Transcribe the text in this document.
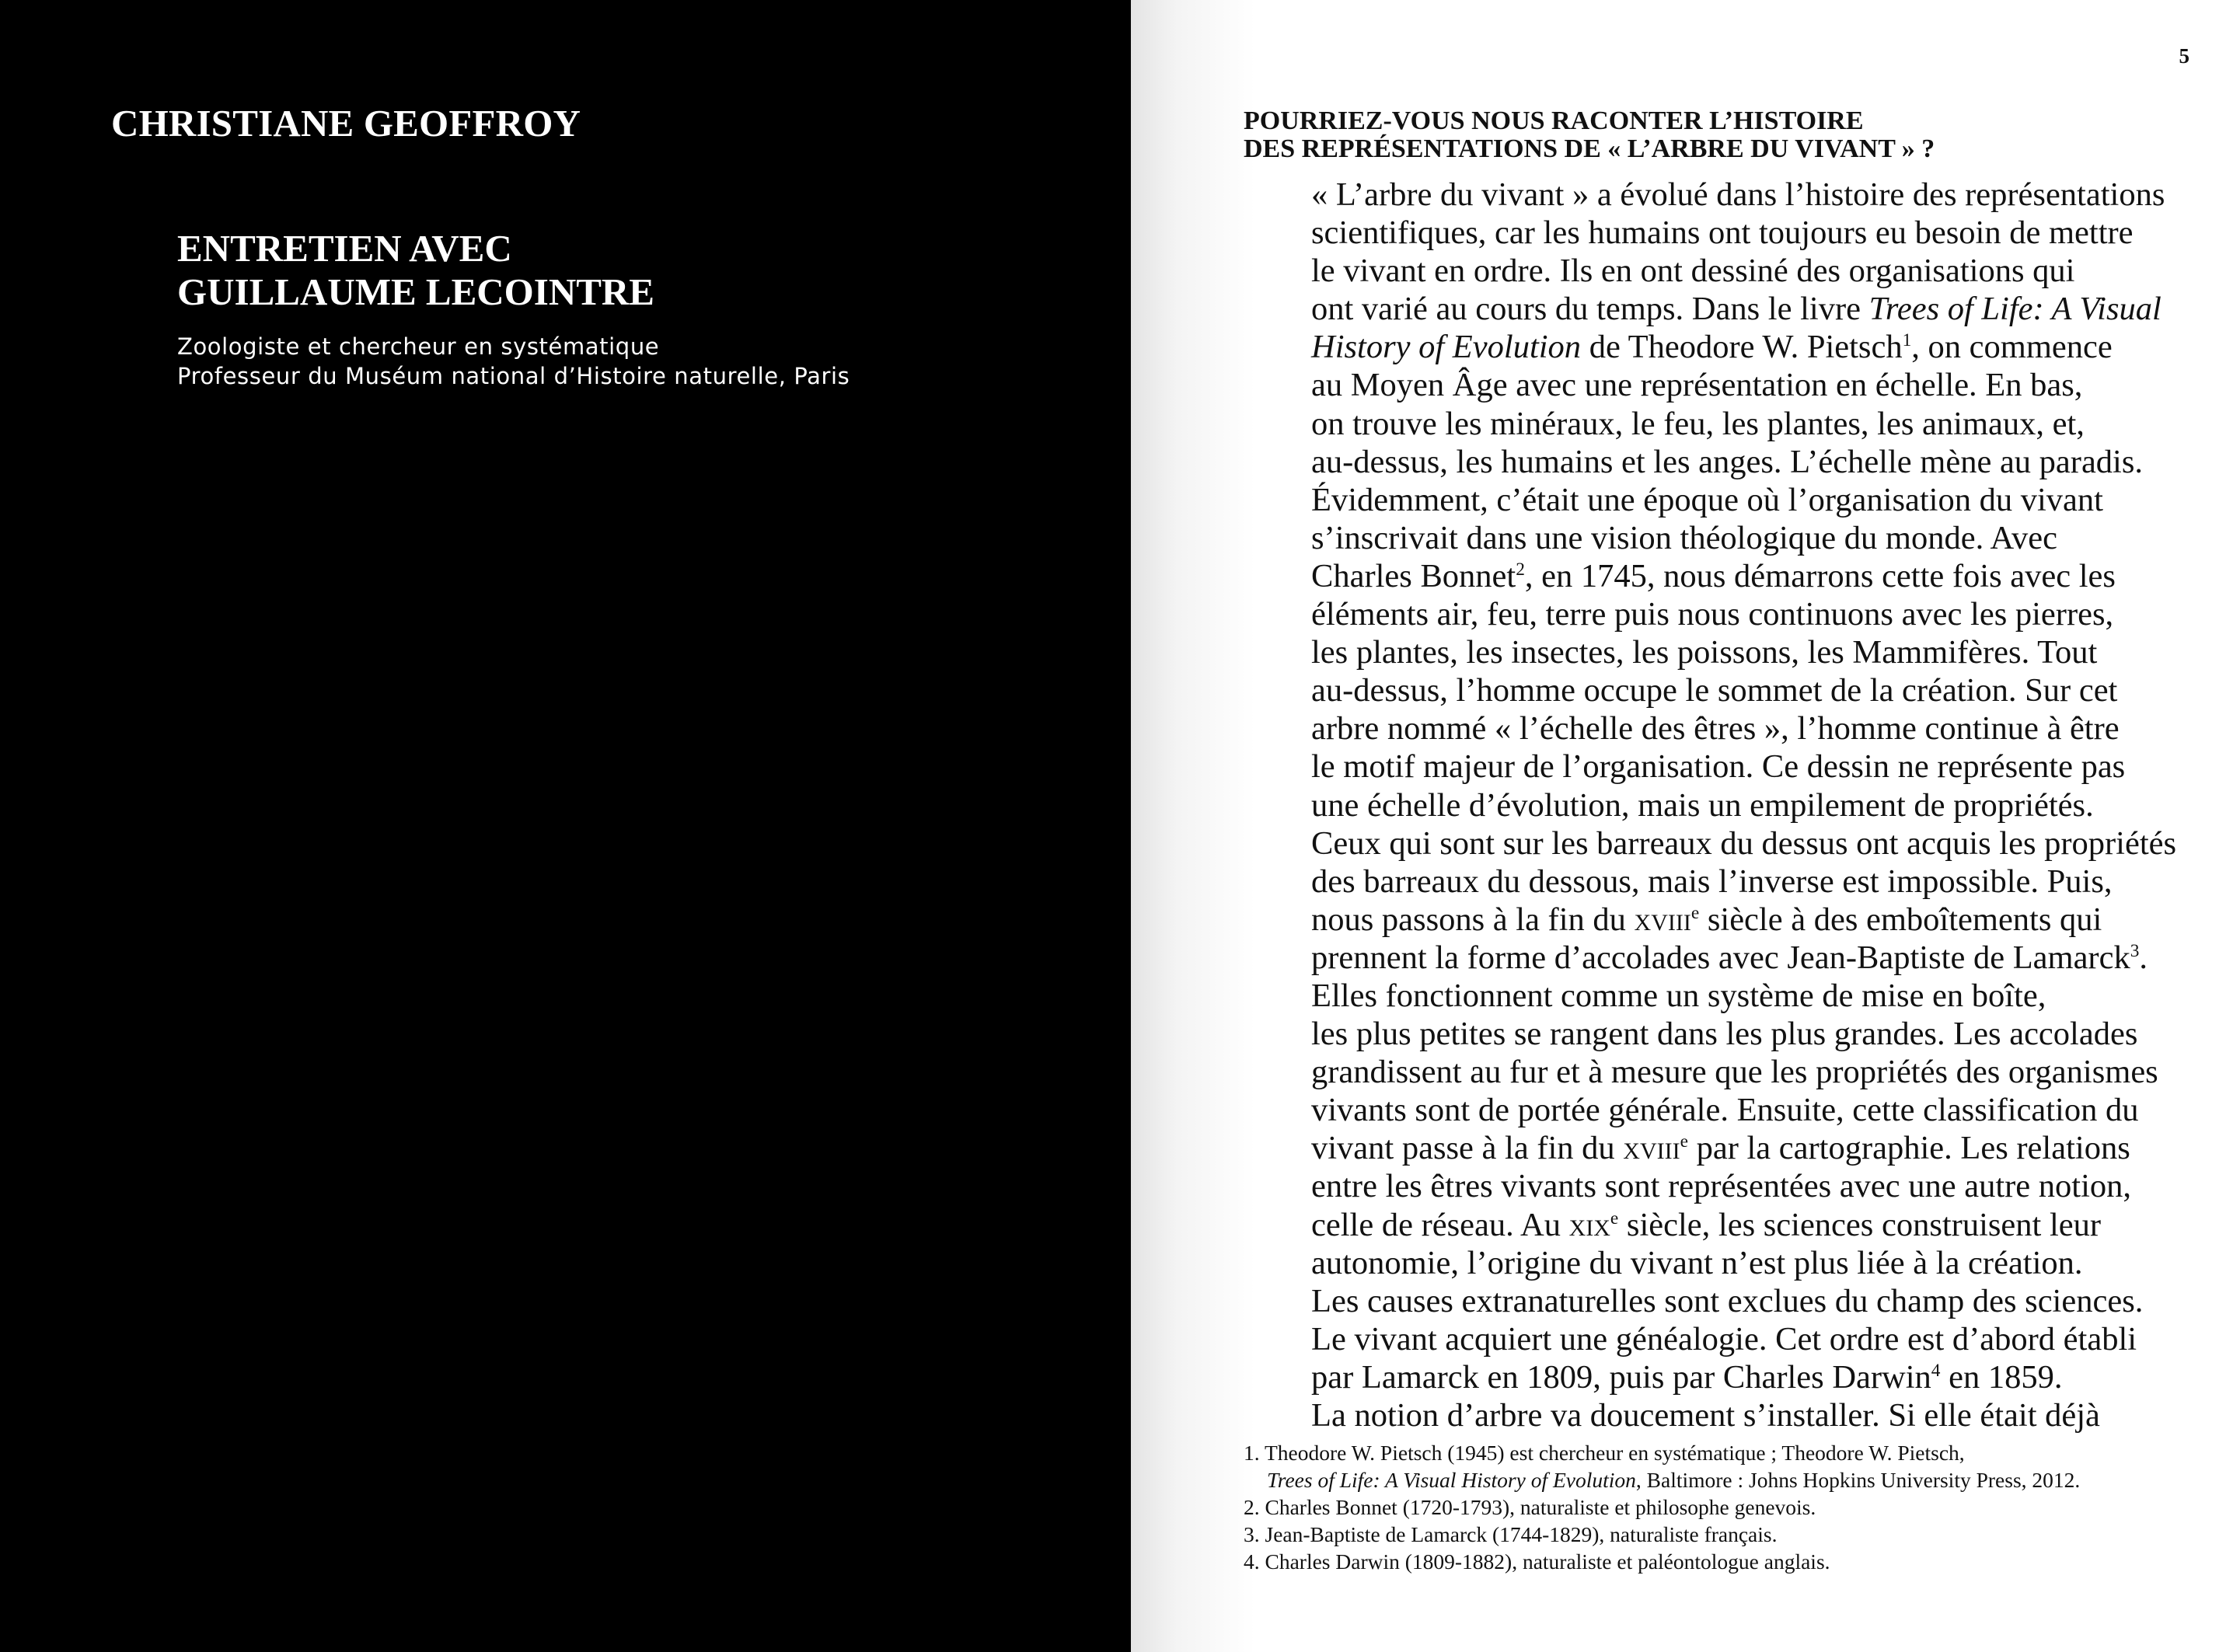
CHRISTIANE GEOFFROY
ENTRETIEN AVEC
GUILLAUME LECOINTRE

Zoologiste et chercheur en systématique
Professeur du Muséum national d’Histoire naturelle, Paris

5
POURRIEZ-VOUS NOUS RACONTER L’HISTOIRE
DES REPRÉSENTATIONS DE « L’ARBRE DU VIVANT » ?
« L’arbre du vivant » a évolué dans l’histoire des représentations
scientifiques, car les humains ont toujours eu besoin de mettre
le vivant en ordre. Ils en ont dessiné des organisations qui
ont varié au cours du temps. Dans le livre Trees of Life: A Visual
History of Evolution de Theodore W. Pietsch$^1$, on commence
au Moyen Âge avec une représentation en échelle. En bas,
on trouve les minéraux, le feu, les plantes, les animaux, et,
au-dessus, les humains et les anges. L’échelle mène au paradis.
Évidemment, c’était une époque où l’organisation du vivant
s’inscrivait dans une vision théologique du monde. Avec
Charles Bonnet$^2$, en 1745, nous démarrons cette fois avec les
éléments air, feu, terre puis nous continuons avec les pierres,
les plantes, les insectes, les poissons, les Mammifères. Tout
au-dessus, l’homme occupe le sommet de la création. Sur cet
arbre nommé « l’échelle des êtres », l’homme continue à être
le motif majeur de l’organisation. Ce dessin ne représente pas
une échelle d’évolution, mais un empilement de propriétés.
Ceux qui sont sur les barreaux du dessus ont acquis les propriétés
des barreaux du dessous, mais l’inverse est impossible. Puis,
nous passons à la fin du xviii$^e$ siècle à des emboîtements qui
prennent la forme d’accolades avec Jean-Baptiste de Lamarck$^3$.
Elles fonctionnent comme un système de mise en boîte,
les plus petites se rangent dans les plus grandes. Les accolades
grandissent au fur et à mesure que les propriétés des organismes
vivants sont de portée générale. Ensuite, cette classification du
vivant passe à la fin du xviii$^e$ par la cartographie. Les relations
entre les êtres vivants sont représentées avec une autre notion,
celle de réseau. Au xix$^e$ siècle, les sciences construisent leur
autonomie, l’origine du vivant n’est plus liée à la création.
Les causes extranaturelles sont exclues du champ des sciences.
Le vivant acquiert une généalogie. Cet ordre est d’abord établi
par Lamarck en 1809, puis par Charles Darwin$^4$ en 1859.
La notion d’arbre va doucement s’installer. Si elle était déjà
1. Theodore W. Pietsch (1945) est chercheur en systématique ; Theodore W. Pietsch,
Trees of Life: A Visual History of Evolution, Baltimore : Johns Hopkins University Press, 2012.
2. Charles Bonnet (1720-1793), naturaliste et philosophe genevois.
3. Jean-Baptiste de Lamarck (1744-1829), naturaliste français.
4. Charles Darwin (1809-1882), naturaliste et paléontologue anglais.
